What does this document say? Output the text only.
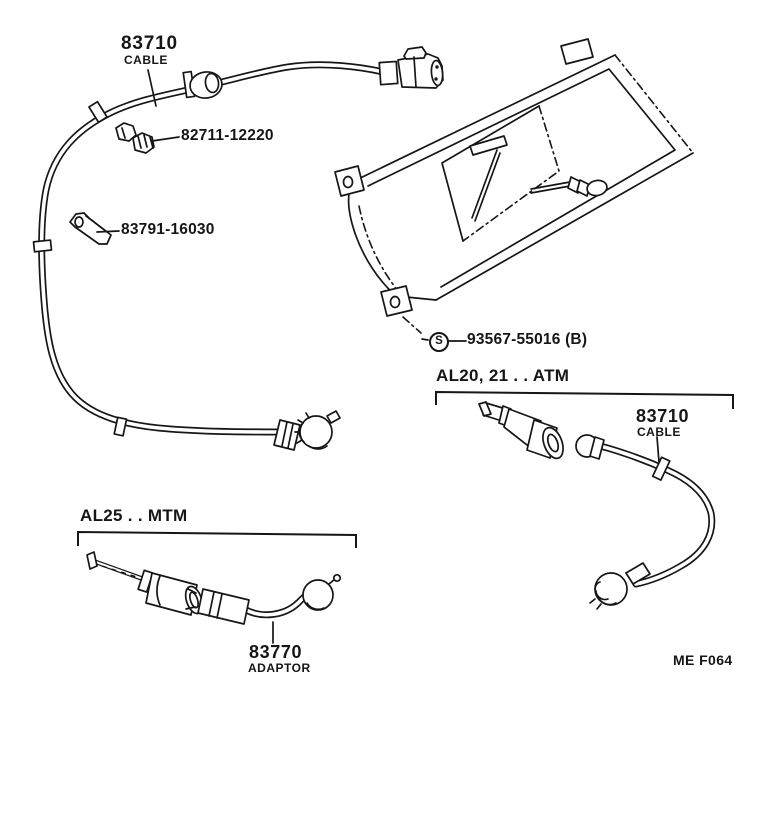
83710
CABLE
82711-12220
83791-16030
S	93567-55016 (B)
AL20, 21 . . ATM
83710
CABLE
AL25 . . MTM
83770
ADAPTOR	ME F064
